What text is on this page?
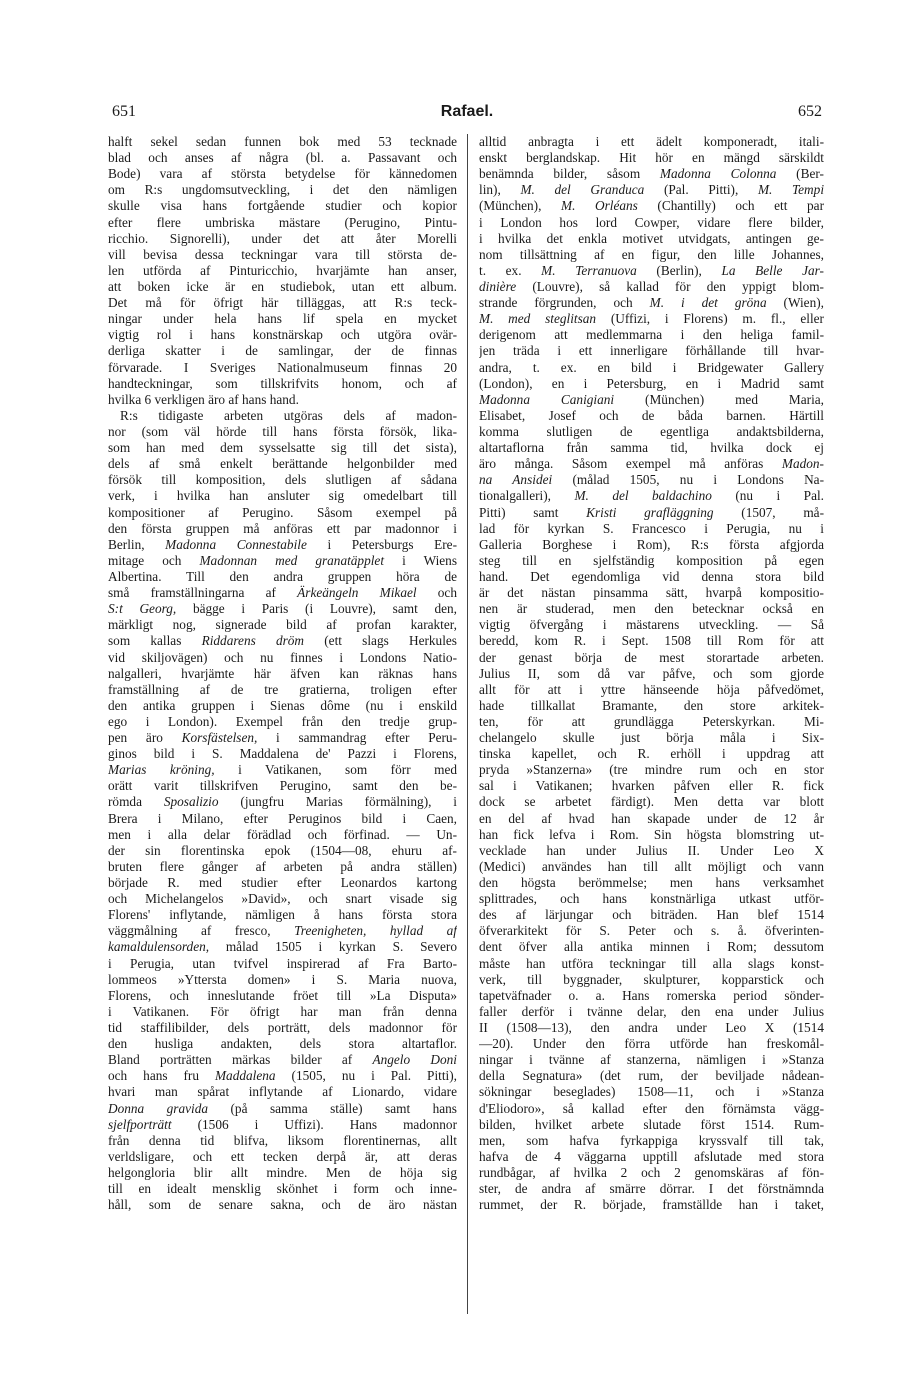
651	Rafael.	652
halft sekel sedan funnen bok med 53 tecknade
blad och anses af några (bl. a. Passavant och
Bode) vara af största betydelse för kännedomen
om R:s ungdomsutveckling, i det den nämligen
skulle visa hans fortgående studier och kopior
efter flere umbriska mästare (Perugino, Pintu-
ricchio. Signorelli), under det att åter Morelli
vill bevisa dessa teckningar vara till största de-
len utförda af Pinturicchio, hvarjämte han anser,
att boken icke är en studiebok, utan ett album.
Det må för öfrigt här tilläggas, att R:s teck-
ningar under hela hans lif spela en mycket
vigtig rol i hans konstnärskap och utgöra ovär-
derliga skatter i de samlingar, der de finnas
förvarade. I Sveriges Nationalmuseum finnas 20
handteckningar, som tillskrifvits honom, och af
hvilka 6 verkligen äro af hans hand.
R:s tidigaste arbeten utgöras dels af madon-
nor (som väl hörde till hans första försök, lika-
som han med dem sysselsatte sig till det sista),
dels af små enkelt berättande helgonbilder med
försök till komposition, dels slutligen af sådana
verk, i hvilka han ansluter sig omedelbart till
kompositioner af Perugino. Såsom exempel på
den första gruppen må anföras ett par madonnor i
Berlin, Madonna Connestabile i Petersburgs Ere-
mitage och Madonnan med granatäpplet i Wiens
Albertina. Till den andra gruppen höra de
små framställningarna af Ärkeängeln Mikael och
S:t Georg, bägge i Paris (i Louvre), samt den,
märkligt nog, signerade bild af profan karakter,
som kallas Riddarens dröm (ett slags Herkules
vid skiljovägen) och nu finnes i Londons Natio-
nalgalleri, hvarjämte här äfven kan räknas hans
framställning af de tre gratierna, troligen efter
den antika gruppen i Sienas dôme (nu i enskild
ego i London). Exempel från den tredje grup-
pen äro Korsfästelsen, i sammandrag efter Peru-
ginos bild i S. Maddalena de' Pazzi i Florens,
Marias kröning, i Vatikanen, som förr med
orätt varit tillskrifven Perugino, samt den be-
römda Sposalizio (jungfru Marias förmälning), i
Brera i Milano, efter Peruginos bild i Caen,
men i alla delar förädlad och förfinad. — Un-
der sin florentinska epok (1504—08, ehuru af-
bruten flere gånger af arbeten på andra ställen)
började R. med studier efter Leonardos kartong
och Michelangelos »David», och snart visade sig
Florens' inflytande, nämligen å hans första stora
väggmålning af fresco, Treenigheten, hyllad af
kamaldulensorden, målad 1505 i kyrkan S. Severo
i Perugia, utan tvifvel inspirerad af Fra Barto-
lommeos »Yttersta domen» i S. Maria nuova,
Florens, och inneslutande fröet till »La Disputa»
i Vatikanen. För öfrigt har man från denna
tid staffilibilder, dels porträtt, dels madonnor för
den husliga andakten, dels stora altartaflor.
Bland porträtten märkas bilder af Angelo Doni
och hans fru Maddalena (1505, nu i Pal. Pitti),
hvari man spårat inflytande af Lionardo, vidare
Donna gravida (på samma ställe) samt hans
sjelfporträtt (1506 i Uffizi). Hans madonnor
från denna tid blifva, liksom florentinernas, allt
verldsligare, och ett tecken derpå är, att deras
helgongloria blir allt mindre. Men de höja sig
till en idealt mensklig skönhet i form och inne-
håll, som de senare sakna, och de äro nästan
alltid anbragta i ett ädelt komponeradt, itali-
enskt berglandskap. Hit hör en mängd särskildt
benämnda bilder, såsom Madonna Colonna (Ber-
lin), M. del Granduca (Pal. Pitti), M. Tempi
(München), M. Orléans (Chantilly) och ett par
i London hos lord Cowper, vidare flere bilder,
i hvilka det enkla motivet utvidgats, antingen ge-
nom tillsättning af en figur, den lille Johannes,
t. ex. M. Terranuova (Berlin), La Belle Jar-
dinière (Louvre), så kallad för den yppigt blom-
strande förgrunden, och M. i det gröna (Wien),
M. med steglitsan (Uffizi, i Florens) m. fl., eller
derigenom att medlemmarna i den heliga famil-
jen träda i ett innerligare förhållande till hvar-
andra, t. ex. en bild i Bridgewater Gallery
(London), en i Petersburg, en i Madrid samt
Madonna Canigiani (München) med Maria,
Elisabet, Josef och de båda barnen. Härtill
komma slutligen de egentliga andaktsbilderna,
altartaflorna från samma tid, hvilka dock ej
äro många. Såsom exempel må anföras Madon-
na Ansidei (målad 1505, nu i Londons Na-
tionalgalleri), M. del baldachino (nu i Pal.
Pitti) samt Kristi grafläggning (1507, må-
lad för kyrkan S. Francesco i Perugia, nu i
Galleria Borghese i Rom), R:s första afgjorda
steg till en sjelfständig komposition på egen
hand. Det egendomliga vid denna stora bild
är det nästan pinsamma sätt, hvarpå kompositio-
nen är studerad, men den betecknar också en
vigtig öfvergång i mästarens utveckling. — Så
beredd, kom R. i Sept. 1508 till Rom för att
der genast börja de mest storartade arbeten.
Julius II, som då var påfve, och som gjorde
allt för att i yttre hänseende höja påfvedömet,
hade tillkallat Bramante, den store arkitek-
ten, för att grundlägga Peterskyrkan. Mi-
chelangelo skulle just börja måla i Six-
tinska kapellet, och R. erhöll i uppdrag att
pryda »Stanzerna» (tre mindre rum och en stor
sal i Vatikanen; hvarken påfven eller R. fick
dock se arbetet färdigt). Men detta var blott
en del af hvad han skapade under de 12 år
han fick lefva i Rom. Sin högsta blomstring ut-
vecklade han under Julius II. Under Leo X
(Medici) användes han till allt möjligt och vann
den högsta berömmelse; men hans verksamhet
splittrades, och hans konstnärliga utkast utför-
des af lärjungar och biträden. Han blef 1514
öfverarkitekt för S. Peter och s. å. öfverinten-
dent öfver alla antika minnen i Rom; dessutom
måste han utföra teckningar till alla slags konst-
verk, till byggnader, skulpturer, kopparstick och
tapetväfnader o. a. Hans romerska period sönder-
faller derför i tvänne delar, den ena under Julius
II (1508—13), den andra under Leo X (1514
—20). Under den förra utförde han freskomål-
ningar i tvänne af stanzerna, nämligen i »Stanza
della Segnatura» (det rum, der beviljade nådean-
sökningar beseglades) 1508—11, och i »Stanza
d'Eliodoro», så kallad efter den förnämsta vägg-
bilden, hvilket arbete slutade först 1514. Rum-
men, som hafva fyrkappiga kryssvalf till tak,
hafva de 4 väggarna upptill afslutade med stora
rundbågar, af hvilka 2 och 2 genomskäras af fön-
ster, de andra af smärre dörrar. I det förstnämnda
rummet, der R. började, framställde han i taket,
